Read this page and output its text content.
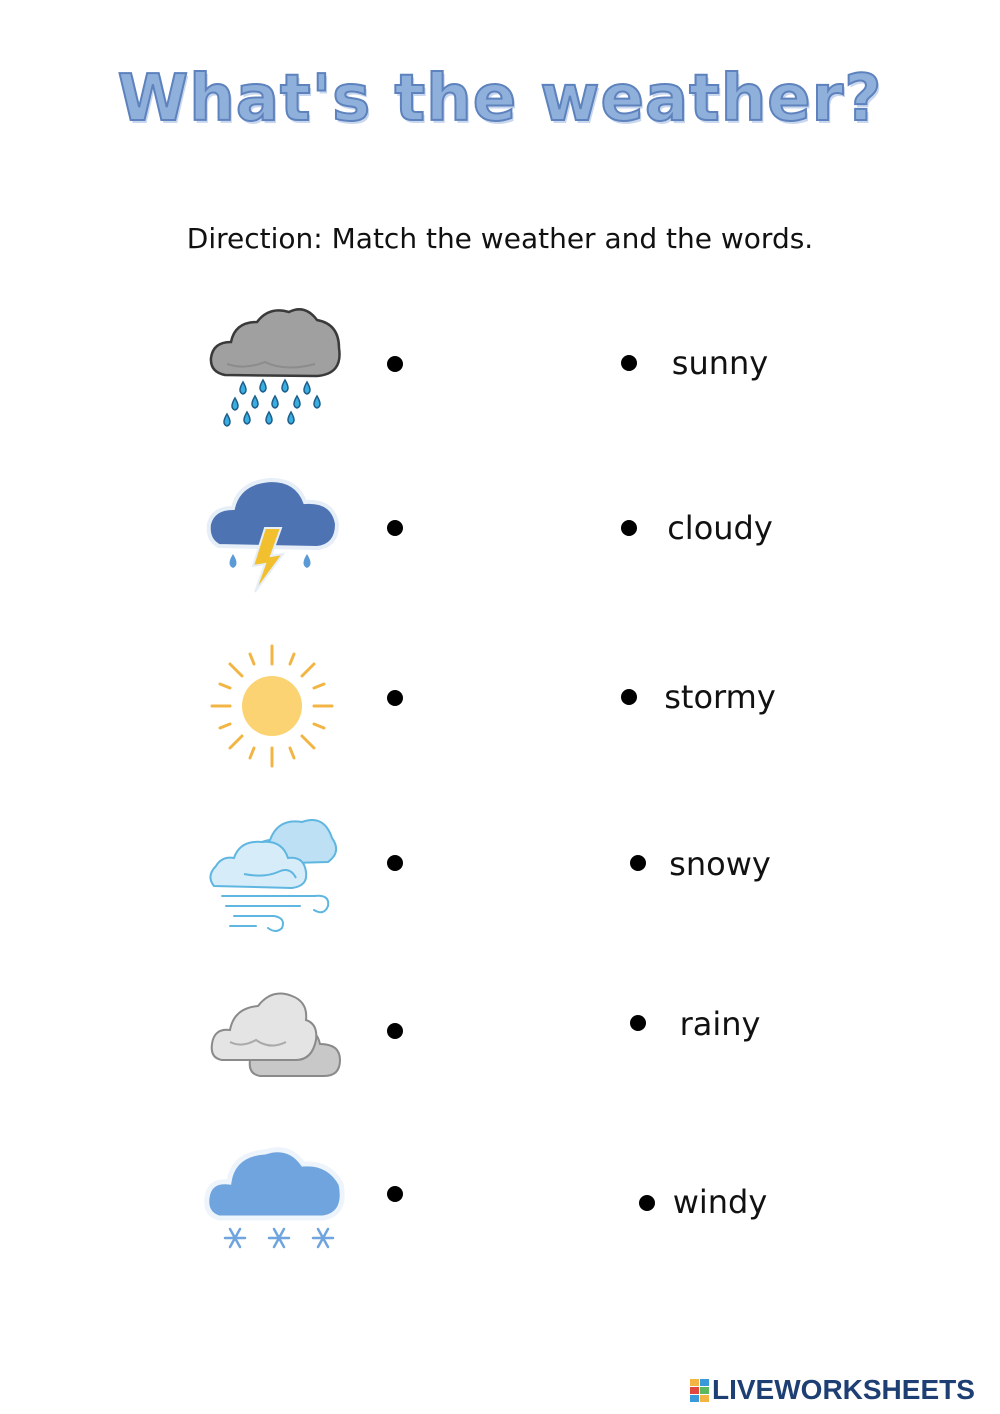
What's the weather?
Direction: Match the weather and the words.
sunny
cloudy
stormy
snowy
rainy
windy
LIVEWORKSHEETS
